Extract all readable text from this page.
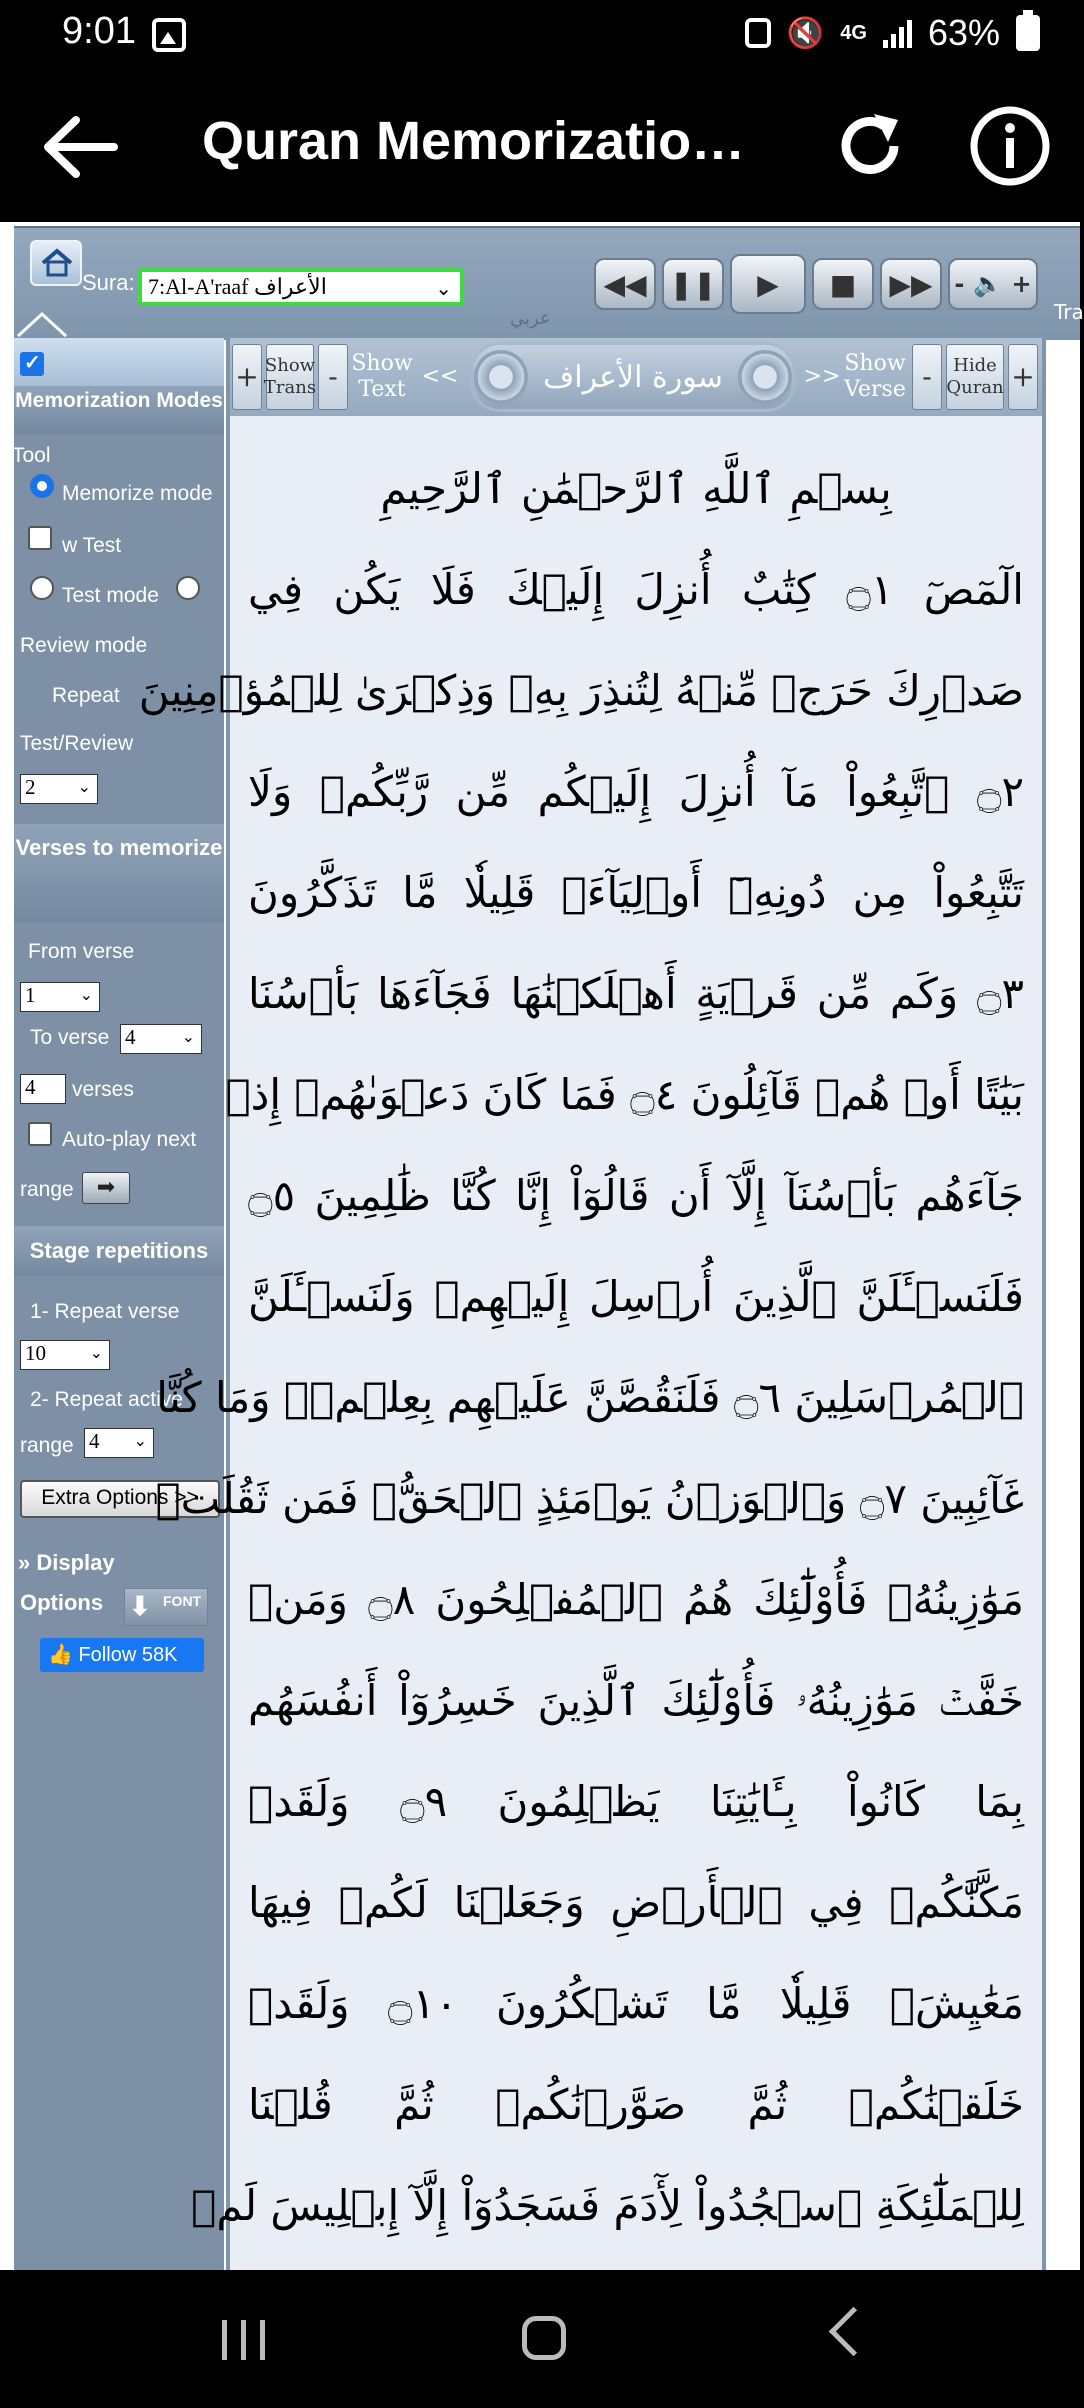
9:01	🔇 4G 63%
Quran Memorizatio…
Sura: 7:Al-A'raaf الأعراف	⌄
عربي
◀◀ ❚❚ ▶ ■ ▶▶ - 🔈 +
Tra
✓
Memorization Modes
Tool
Memorize mode
w Test
Test mode
Review mode
Repeat
Test/Review
2	⌄
Verses to memorize
From verse
1	⌄
To verse 4	⌄
4	verses
Auto-play next
range	➡
Stage repetitions
1- Repeat verse
10	⌄
2- Repeat active
range 4 ⌄
Extra Options >>
» Display
Options ⬇ FONT
👍 Follow 58K
+ Show Trans - Show Text
<<	سورة الأعراف	>>
Show Verse -	Hide Quran +
بِسۡمِ ٱللَّهِ ٱلرَّحۡمَٰنِ ٱلرَّحِيمِ
الٓمٓصٓ ۝١ كِتَٰبٌ أُنزِلَ إِلَيۡكَ فَلَا يَكُن فِي
صَدۡرِكَ حَرَجٞ مِّنۡهُ لِتُنذِرَ بِهِۦ وَذِكۡرَىٰ لِلۡمُؤۡمِنِينَ
۝٢ ٱتَّبِعُواْ مَآ أُنزِلَ إِلَيۡكُم مِّن رَّبِّكُمۡ وَلَا
تَتَّبِعُواْ مِن دُونِهِۦٓ أَوۡلِيَآءَۗ قَلِيلٗا مَّا تَذَكَّرُونَ
۝٣ وَكَم مِّن قَرۡيَةٍ أَهۡلَكۡنَٰهَا فَجَآءَهَا بَأۡسُنَا
بَيَٰتًا أَوۡ هُمۡ قَآئِلُونَ ۝٤ فَمَا كَانَ دَعۡوَىٰهُمۡ إِذۡ
جَآءَهُم بَأۡسُنَآ إِلَّآ أَن قَالُوٓاْ إِنَّا كُنَّا ظَٰلِمِينَ ۝٥
فَلَنَسۡـَٔلَنَّ ٱلَّذِينَ أُرۡسِلَ إِلَيۡهِمۡ وَلَنَسۡـَٔلَنَّ
ٱلۡمُرۡسَلِينَ ۝٦ فَلَنَقُصَّنَّ عَلَيۡهِم بِعِلۡمٖۖ وَمَا كُنَّا
غَآئِبِينَ ۝٧ وَٱلۡوَزۡنُ يَوۡمَئِذٍ ٱلۡحَقُّۚ فَمَن ثَقُلَتۡ
مَوَٰزِينُهُۥ فَأُوْلَٰٓئِكَ هُمُ ٱلۡمُفۡلِحُونَ ۝٨ وَمَنۡ
خَفَّتۡ مَوَٰزِينُهُۥ فَأُوْلَٰٓئِكَ ٱلَّذِينَ خَسِرُوٓاْ أَنفُسَهُم
بِمَا كَانُواْ بِـَٔايَٰتِنَا يَظۡلِمُونَ ۝٩ وَلَقَدۡ
مَكَّنَّٰكُمۡ فِي ٱلۡأَرۡضِ وَجَعَلۡنَا لَكُمۡ فِيهَا
مَعَٰيِشَۗ قَلِيلٗا مَّا تَشۡكُرُونَ ۝١٠ وَلَقَدۡ
خَلَقۡنَٰكُمۡ ثُمَّ صَوَّرۡنَٰكُمۡ ثُمَّ قُلۡنَا
لِلۡمَلَٰٓئِكَةِ ٱسۡجُدُواْ لِأٓدَمَ فَسَجَدُوٓاْ إِلَّآ إِبۡلِيسَ لَمۡ
